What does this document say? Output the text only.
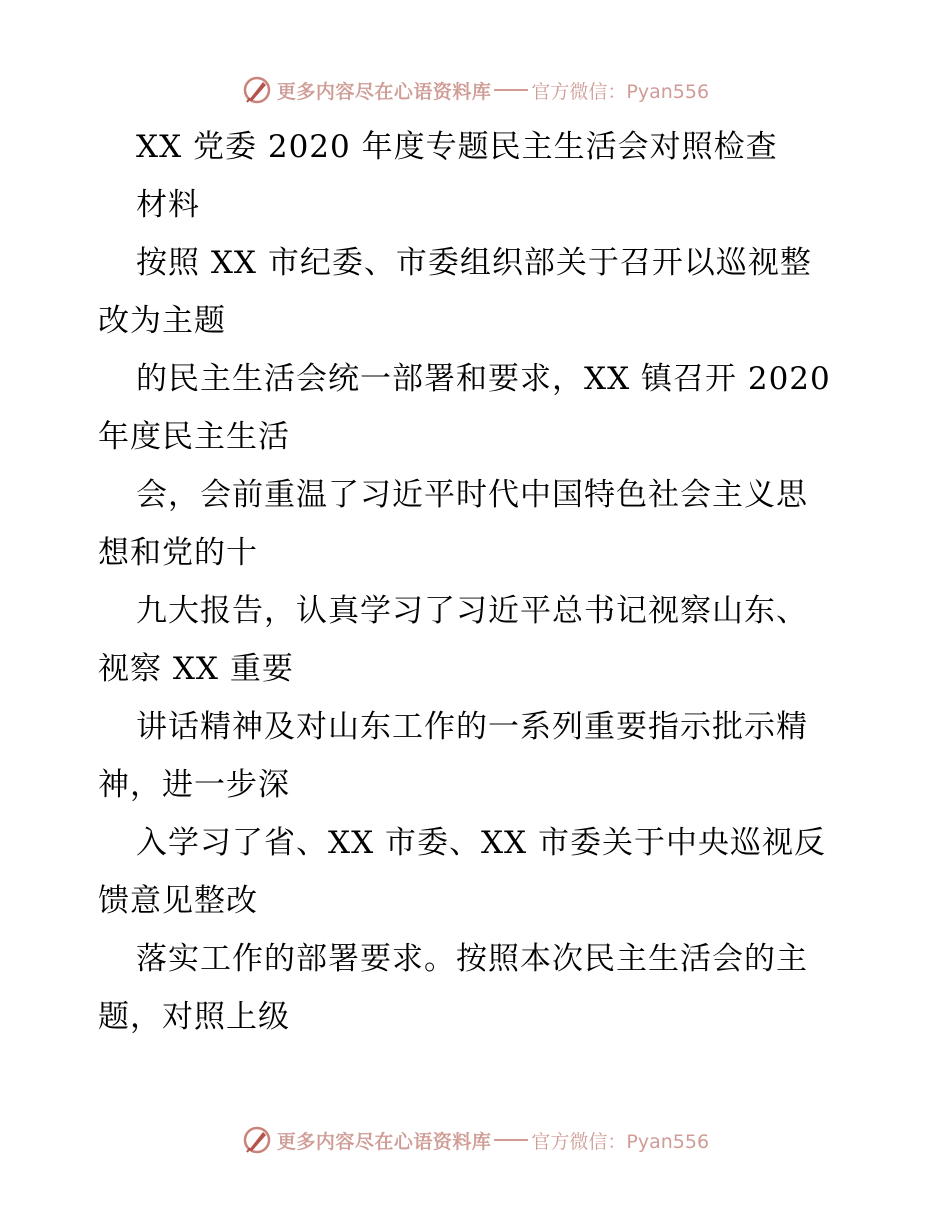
更多内容尽在心语资料库 官方微信：Pyan556
XX 党委 2020 年度专题民主生活会对照检查
材料
按照 XX 市纪委、市委组织部关于召开以巡视整
改为主题
的民主生活会统一部署和要求，XX 镇召开 2020
年度民主生活
会，会前重温了习近平时代中国特色社会主义思
想和党的十
九大报告，认真学习了习近平总书记视察山东、
视察 XX 重要
讲话精神及对山东工作的一系列重要指示批示精
神，进一步深
入学习了省、XX 市委、XX 市委关于中央巡视反
馈意见整改
落实工作的部署要求。按照本次民主生活会的主
题，对照上级
更多内容尽在心语资料库 官方微信：Pyan556
